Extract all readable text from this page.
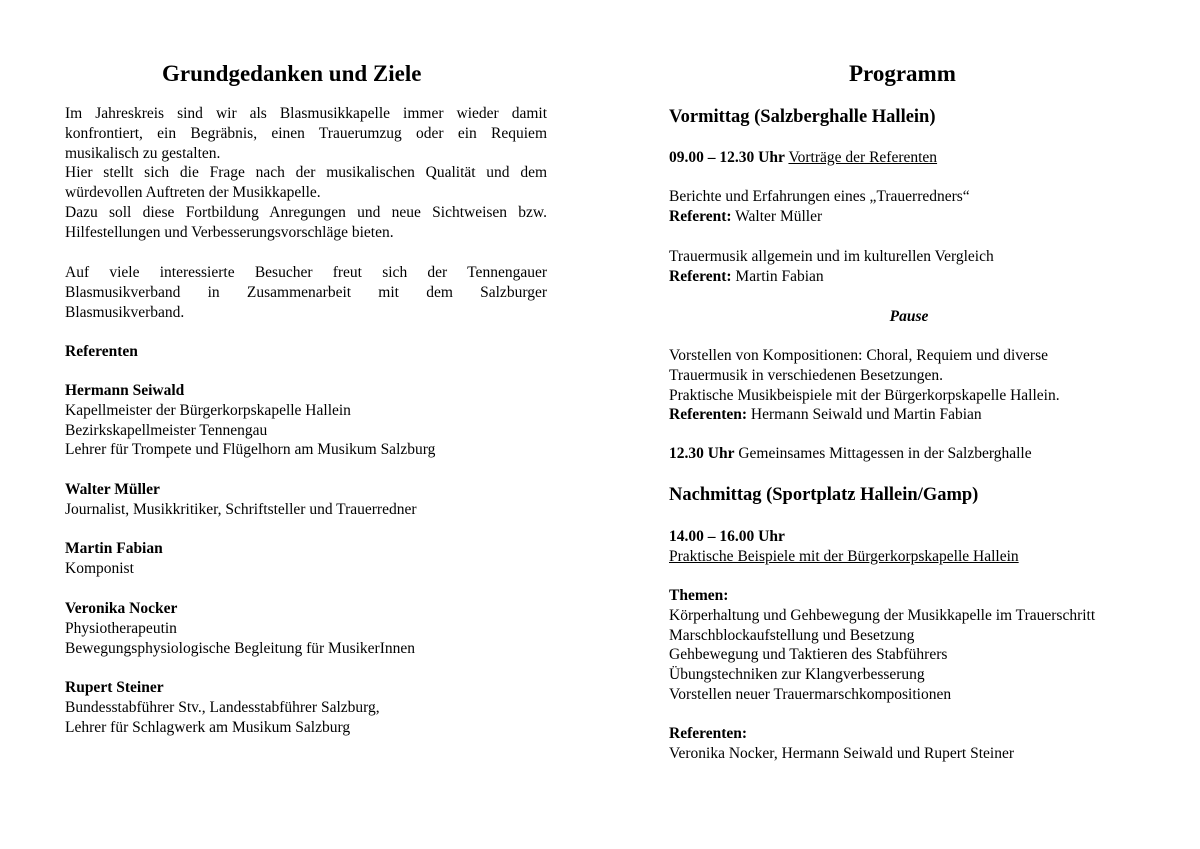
Grundgedanken und Ziele
Im Jahreskreis sind wir als Blasmusikkapelle immer wieder damit konfrontiert, ein Begräbnis, einen Trauerumzug oder ein Requiem musikalisch zu gestalten.
Hier stellt sich die Frage nach der musikalischen Qualität und dem würdevollen Auftreten der Musikkapelle.
Dazu soll diese Fortbildung Anregungen und neue Sichtweisen bzw. Hilfestellungen und Verbesserungsvorschläge bieten.
Auf viele interessierte Besucher freut sich der Tennengauer Blasmusikverband in Zusammenarbeit mit dem Salzburger Blasmusikverband.
Referenten
Hermann Seiwald
Kapellmeister der Bürgerkorpskapelle Hallein
Bezirkskapellmeister Tennengau
Lehrer für Trompete und Flügelhorn am Musikum Salzburg
Walter Müller
Journalist, Musikkritiker, Schriftsteller und Trauerredner
Martin Fabian
Komponist
Veronika Nocker
Physiotherapeutin
Bewegungsphysiologische Begleitung für MusikerInnen
Rupert Steiner
Bundesstabführer Stv., Landesstabführer Salzburg,
Lehrer für Schlagwerk am Musikum Salzburg
Programm
Vormittag (Salzberghalle Hallein)
09.00 – 12.30 Uhr Vorträge der Referenten
Berichte und Erfahrungen eines „Trauerredners“
Referent: Walter Müller
Trauermusik allgemein und im kulturellen Vergleich
Referent: Martin Fabian
Pause
Vorstellen von Kompositionen: Choral, Requiem und diverse
Trauermusik in verschiedenen Besetzungen.
Praktische Musikbeispiele mit der Bürgerkorpskapelle Hallein.
Referenten: Hermann Seiwald und Martin Fabian
12.30 Uhr Gemeinsames Mittagessen in der Salzberghalle
Nachmittag (Sportplatz Hallein/Gamp)
14.00 – 16.00 Uhr
Praktische Beispiele mit der Bürgerkorpskapelle Hallein
Themen:
Körperhaltung und Gehbewegung der Musikkapelle im Trauerschritt
Marschblockaufstellung und Besetzung
Gehbewegung und Taktieren des Stabführers
Übungstechniken zur Klangverbesserung
Vorstellen neuer Trauermarschkompositionen
Referenten:
Veronika Nocker, Hermann Seiwald und Rupert Steiner
